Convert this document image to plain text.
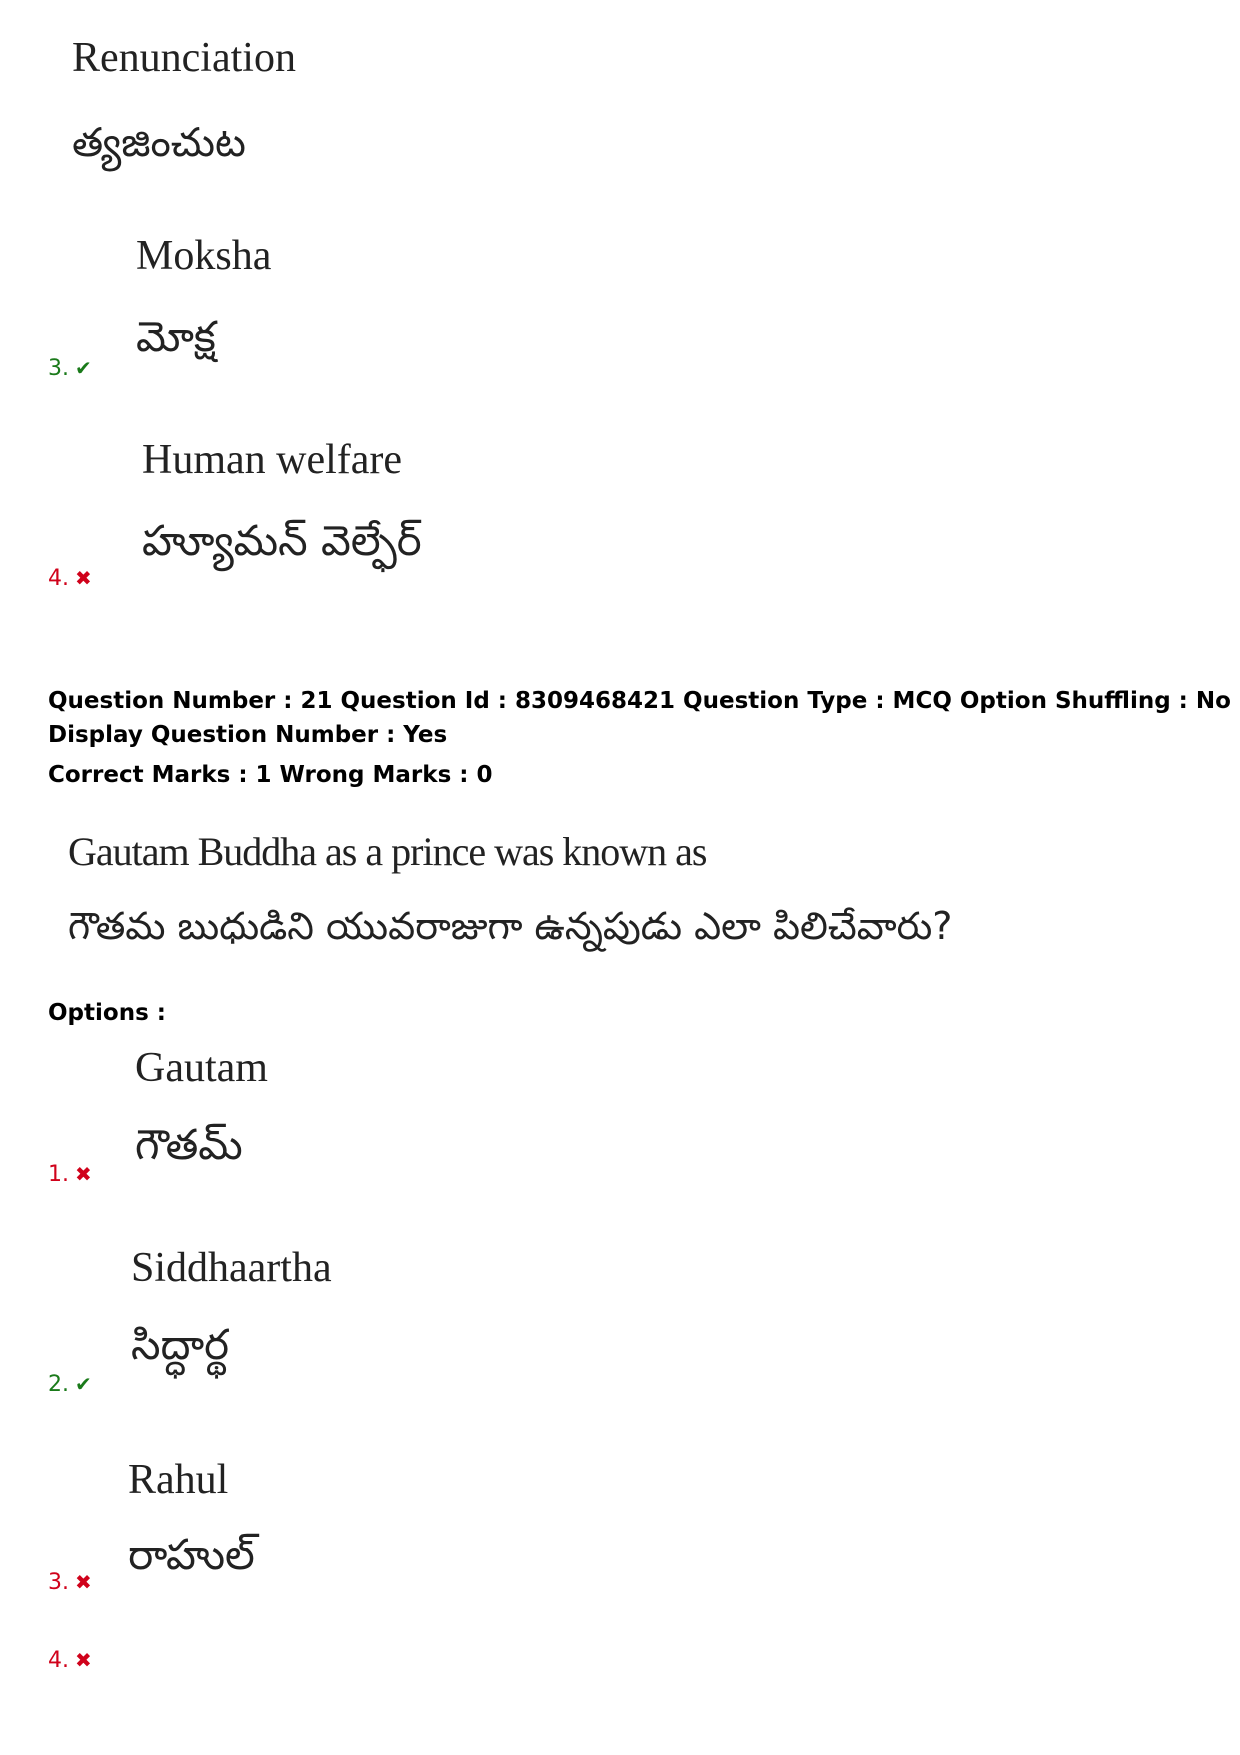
Renunciation
త్యజించుట
Moksha
మోక్ష
3. ✔
Human welfare
హ్యూమన్ వెల్ఫేర్
4. ✖
Question Number : 21 Question Id : 8309468421 Question Type : MCQ Option Shuffling : No
Display Question Number : Yes
Correct Marks : 1 Wrong Marks : 0
Gautam Buddha as a prince was known as
గౌతమ బుధుడిని యువరాజుగా ఉన్నపుడు ఎలా పిలిచేవారు?
Options :
Gautam
గౌతమ్
1. ✖
Siddhaartha
సిద్ధార్థ
2. ✔
Rahul
రాహుల్
3. ✖
4. ✖
